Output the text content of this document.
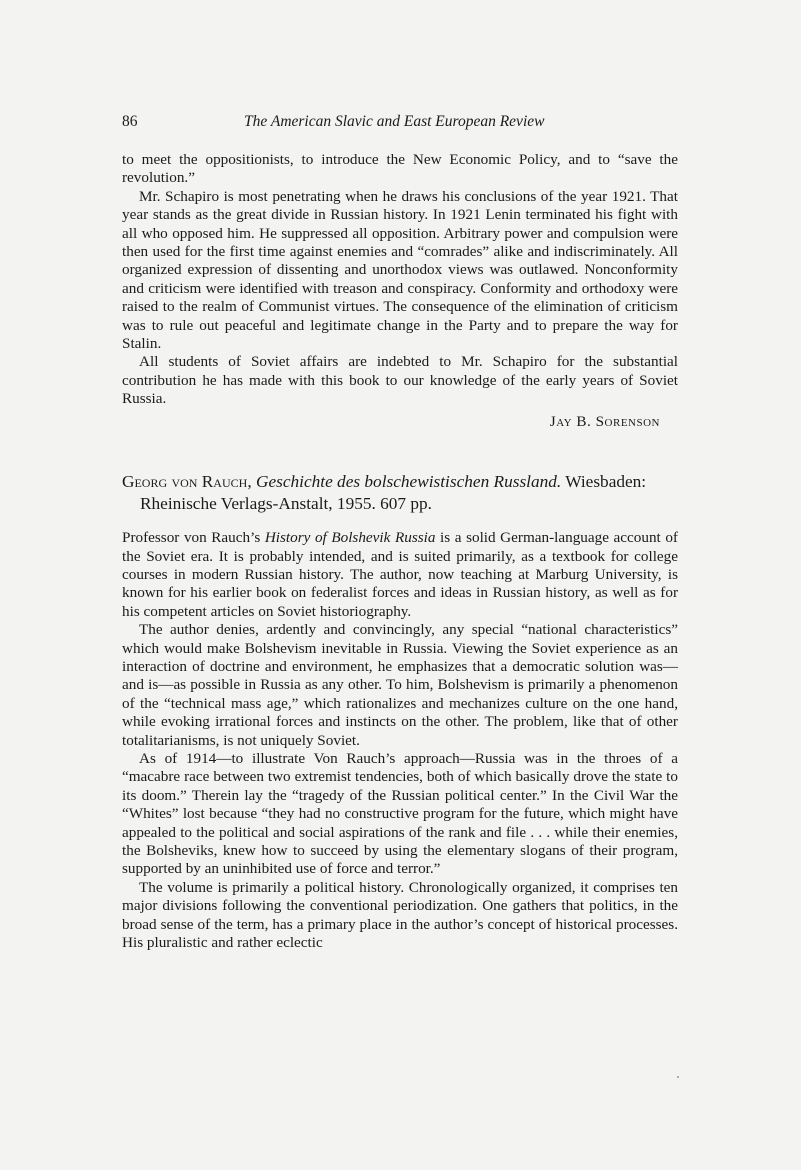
86	The American Slavic and East European Review

to meet the oppositionists, to introduce the New Economic Policy, and to “save the revolution.”

Mr. Schapiro is most penetrating when he draws his conclusions of the year 1921. That year stands as the great divide in Russian history. In 1921 Lenin terminated his fight with all who opposed him. He suppressed all opposition. Arbitrary power and compulsion were then used for the first time against enemies and “comrades” alike and indiscriminately. All organized expression of dissenting and unorthodox views was outlawed. Nonconformity and criticism were identified with treason and conspiracy. Conformity and orthodoxy were raised to the realm of Communist virtues. The consequence of the elimination of criticism was to rule out peaceful and legitimate change in the Party and to prepare the way for Stalin.

All students of Soviet affairs are indebted to Mr. Schapiro for the substantial contribution he has made with this book to our knowledge of the early years of Soviet Russia.

Jay B. Sorenson
Georg von Rauch, Geschichte des bolschewistischen Russland. Wiesbaden: Rheinische Verlags-Anstalt, 1955. 607 pp.

Professor von Rauch’s History of Bolshevik Russia is a solid German-language account of the Soviet era. It is probably intended, and is suited primarily, as a textbook for college courses in modern Russian history. The author, now teaching at Marburg University, is known for his earlier book on federalist forces and ideas in Russian history, as well as for his competent articles on Soviet historiography.

The author denies, ardently and convincingly, any special “national characteristics” which would make Bolshevism inevitable in Russia. Viewing the Soviet experience as an interaction of doctrine and environment, he emphasizes that a democratic solution was—and is—as possible in Russia as any other. To him, Bolshevism is primarily a phenomenon of the “technical mass age,” which rationalizes and mechanizes culture on the one hand, while evoking irrational forces and instincts on the other. The problem, like that of other totalitarianisms, is not uniquely Soviet.

As of 1914—to illustrate Von Rauch’s approach—Russia was in the throes of a “macabre race between two extremist tendencies, both of which basically drove the state to its doom.” Therein lay the “tragedy of the Russian political center.” In the Civil War the “Whites” lost because “they had no constructive program for the future, which might have appealed to the political and social aspirations of the rank and file . . . while their enemies, the Bolsheviks, knew how to succeed by using the elementary slogans of their program, supported by an uninhibited use of force and terror.”

The volume is primarily a political history. Chronologically organized, it comprises ten major divisions following the conventional periodization. One gathers that politics, in the broad sense of the term, has a primary place in the author’s concept of historical processes. His pluralistic and rather eclectic
